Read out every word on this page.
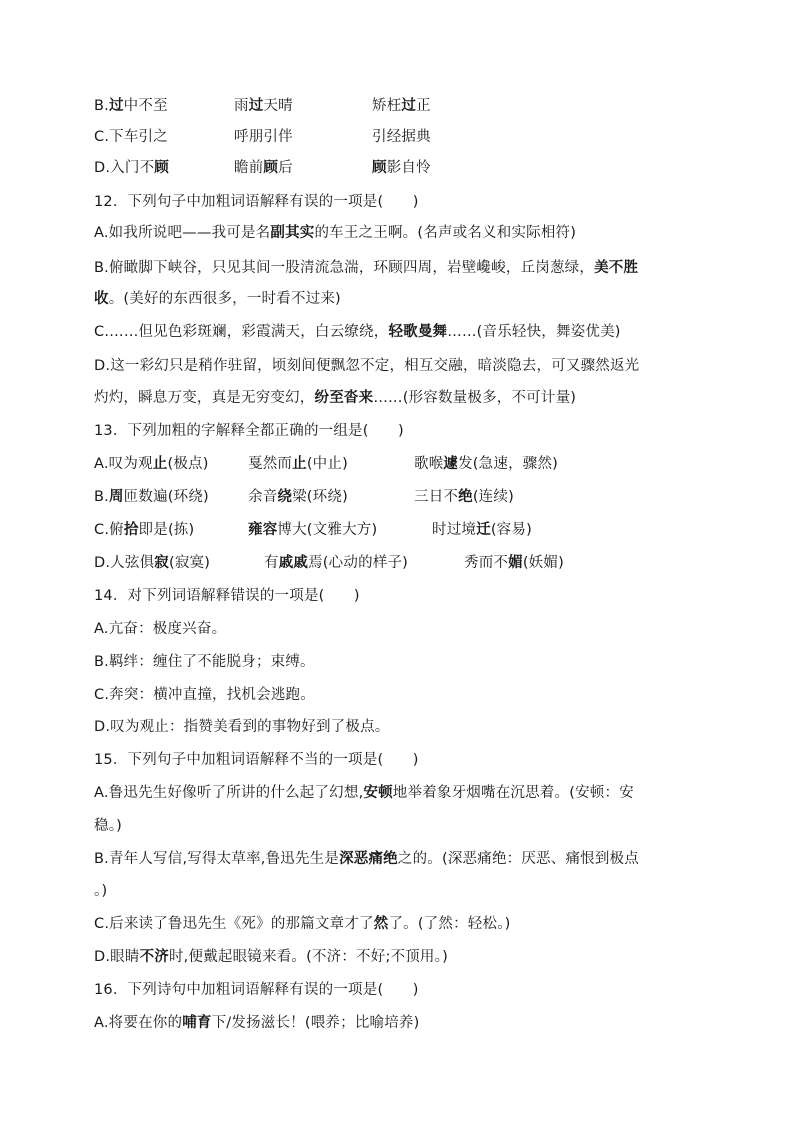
B.过中不至	雨过天晴	矫枉过正
C.下车引之	呼朋引伴	引经据典
D.入门不顾	瞻前顾后	顾影自怜
12．下列句子中加粗词语解释有误的一项是(　　)
A.如我所说吧——我可是名副其实的车王之王啊。(名声或名义和实际相符)
B.俯瞰脚下峡谷，只见其间一股清流急湍，环顾四周，岩壁巉峻，丘岗葱绿，美不胜
收。(美好的东西很多，一时看不过来)
C.……但见色彩斑斓，彩霞满天，白云缭绕，轻歌曼舞……(音乐轻快，舞姿优美)
D.这一彩幻只是稍作驻留，顷刻间便飘忽不定，相互交融，暗淡隐去，可又骤然返光
灼灼，瞬息万变，真是无穷变幻，纷至沓来……(形容数量极多，不可计量)
13．下列加粗的字解释全都正确的一组是(　　)
A.叹为观止(极点)	戛然而止(中止)	歌喉遽发(急速，骤然)
B.周匝数遍(环绕)	余音绕梁(环绕)	三日不绝(连续)
C.俯拾即是(拣)	雍容博大(文雅大方)	时过境迁(容易)
D.人弦俱寂(寂寞)	有戚戚焉(心动的样子)	秀而不媚(妖媚)
14．对下列词语解释错误的一项是(　　)
A.亢奋：极度兴奋。
B.羁绊：缠住了不能脱身；束缚。
C.奔突：横冲直撞，找机会逃跑。
D.叹为观止：指赞美看到的事物好到了极点。
15．下列句子中加粗词语解释不当的一项是(　　)
A.鲁迅先生好像听了所讲的什么起了幻想,安顿地举着象牙烟嘴在沉思着。(安顿：安
稳。)
B.青年人写信,写得太草率,鲁迅先生是深恶痛绝之的。(深恶痛绝：厌恶、痛恨到极点
。)
C.后来读了鲁迅先生《死》的那篇文章才了然了。(了然：轻松。)
D.眼睛不济时,便戴起眼镜来看。(不济：不好;不顶用。)
16．下列诗句中加粗词语解释有误的一项是(　　)
A.将要在你的哺育下/发扬滋长！(喂养；比喻培养)
